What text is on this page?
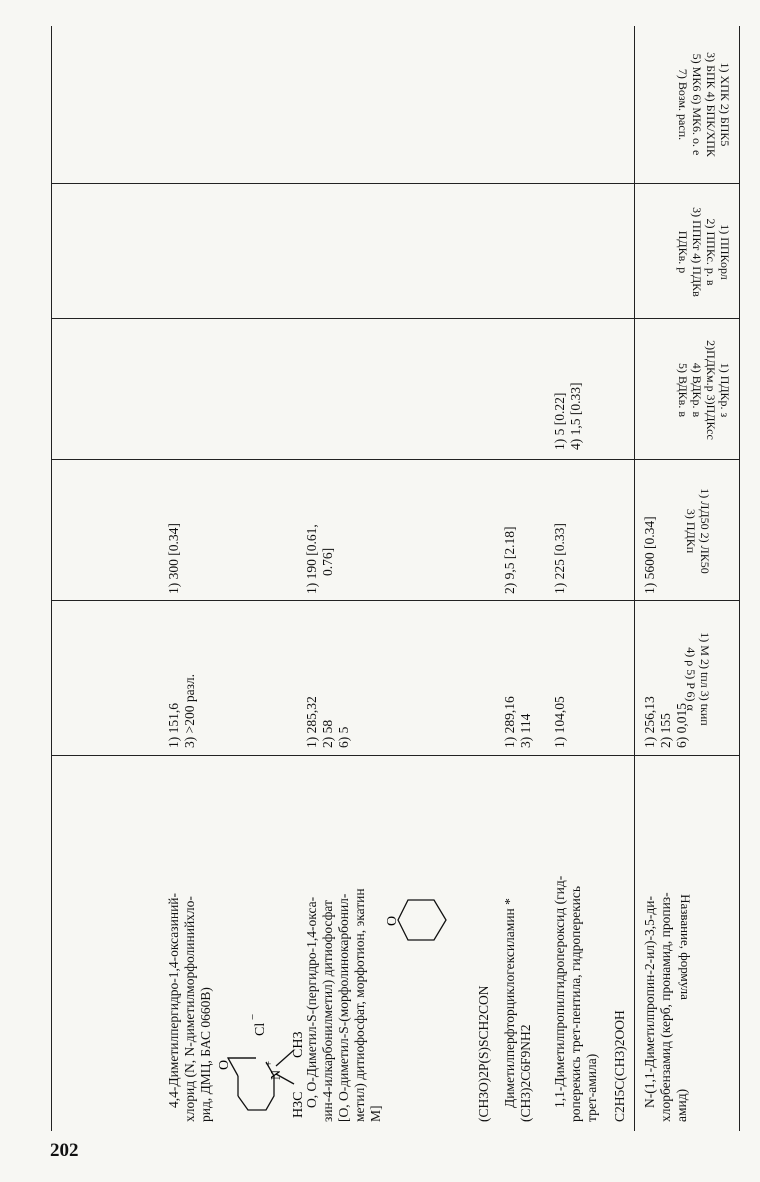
202
1) ХПК 2) БПК5
3) БПК 4) БПК/ХПК
5) МК6 6) МК6. о. е
7) Возм. расп.
1) ППКорл
2) ППКс. р. в
3) ППКт 4) ПДКв
ПДКв. р
1) ПДКр. з
2)ПДКм.р 3)ПДКсс
4) ВДКр. в
5) ВДКв. в
1) ЛД50 2) ЛК50
3) ПДКп
1) M 2) tпл 3) tкип
4) ρ 5) P 6) α
Название, формула
4,4-Диметилпергидро-1,4-оксазиний- хлорид (N, N-диметилморфолинийхло- рид, ДМЦ, БАС 0660В) O
N
+
Cl
−
H3C
CH3
1) 151,6 3) >200 разл.
1) 300 [0.34]
O, O-Диметил-S-(пергидро-1,4-окса- зин-4-илкарбонилметил) дитиофосфат [O, O-диметил-S-(морфолинокарбонил- метил) дитиофосфат, морфотион, экатин М]
O
(CH3O)2P(S)SCH2CON
1) 285,32 2) 58 6) 5
1) 190 [0.61, 0.76]
Диметилперфторциклогексиламин * (CH3)2C6F9NH2
1) 289,16 3) 114
2) 9,5 [2.18]
1,1-Диметилпропилгидропероксид (гид- роперекись трет-пентила, гидроперекись трет-амила)
1) 104,05
1) 225 [0.33]
1) 5 [0.22] 4) 1,5 [0.33]
C2H5C(CH3)2OOH N-(1,1-Диметилпропин-2-ил)-3,5-ди- хлорбензамид (керб, пронамид, пропиз- амид)
1) 256,13 2) 155 6) 0,015
1) 5600 [0.34]
